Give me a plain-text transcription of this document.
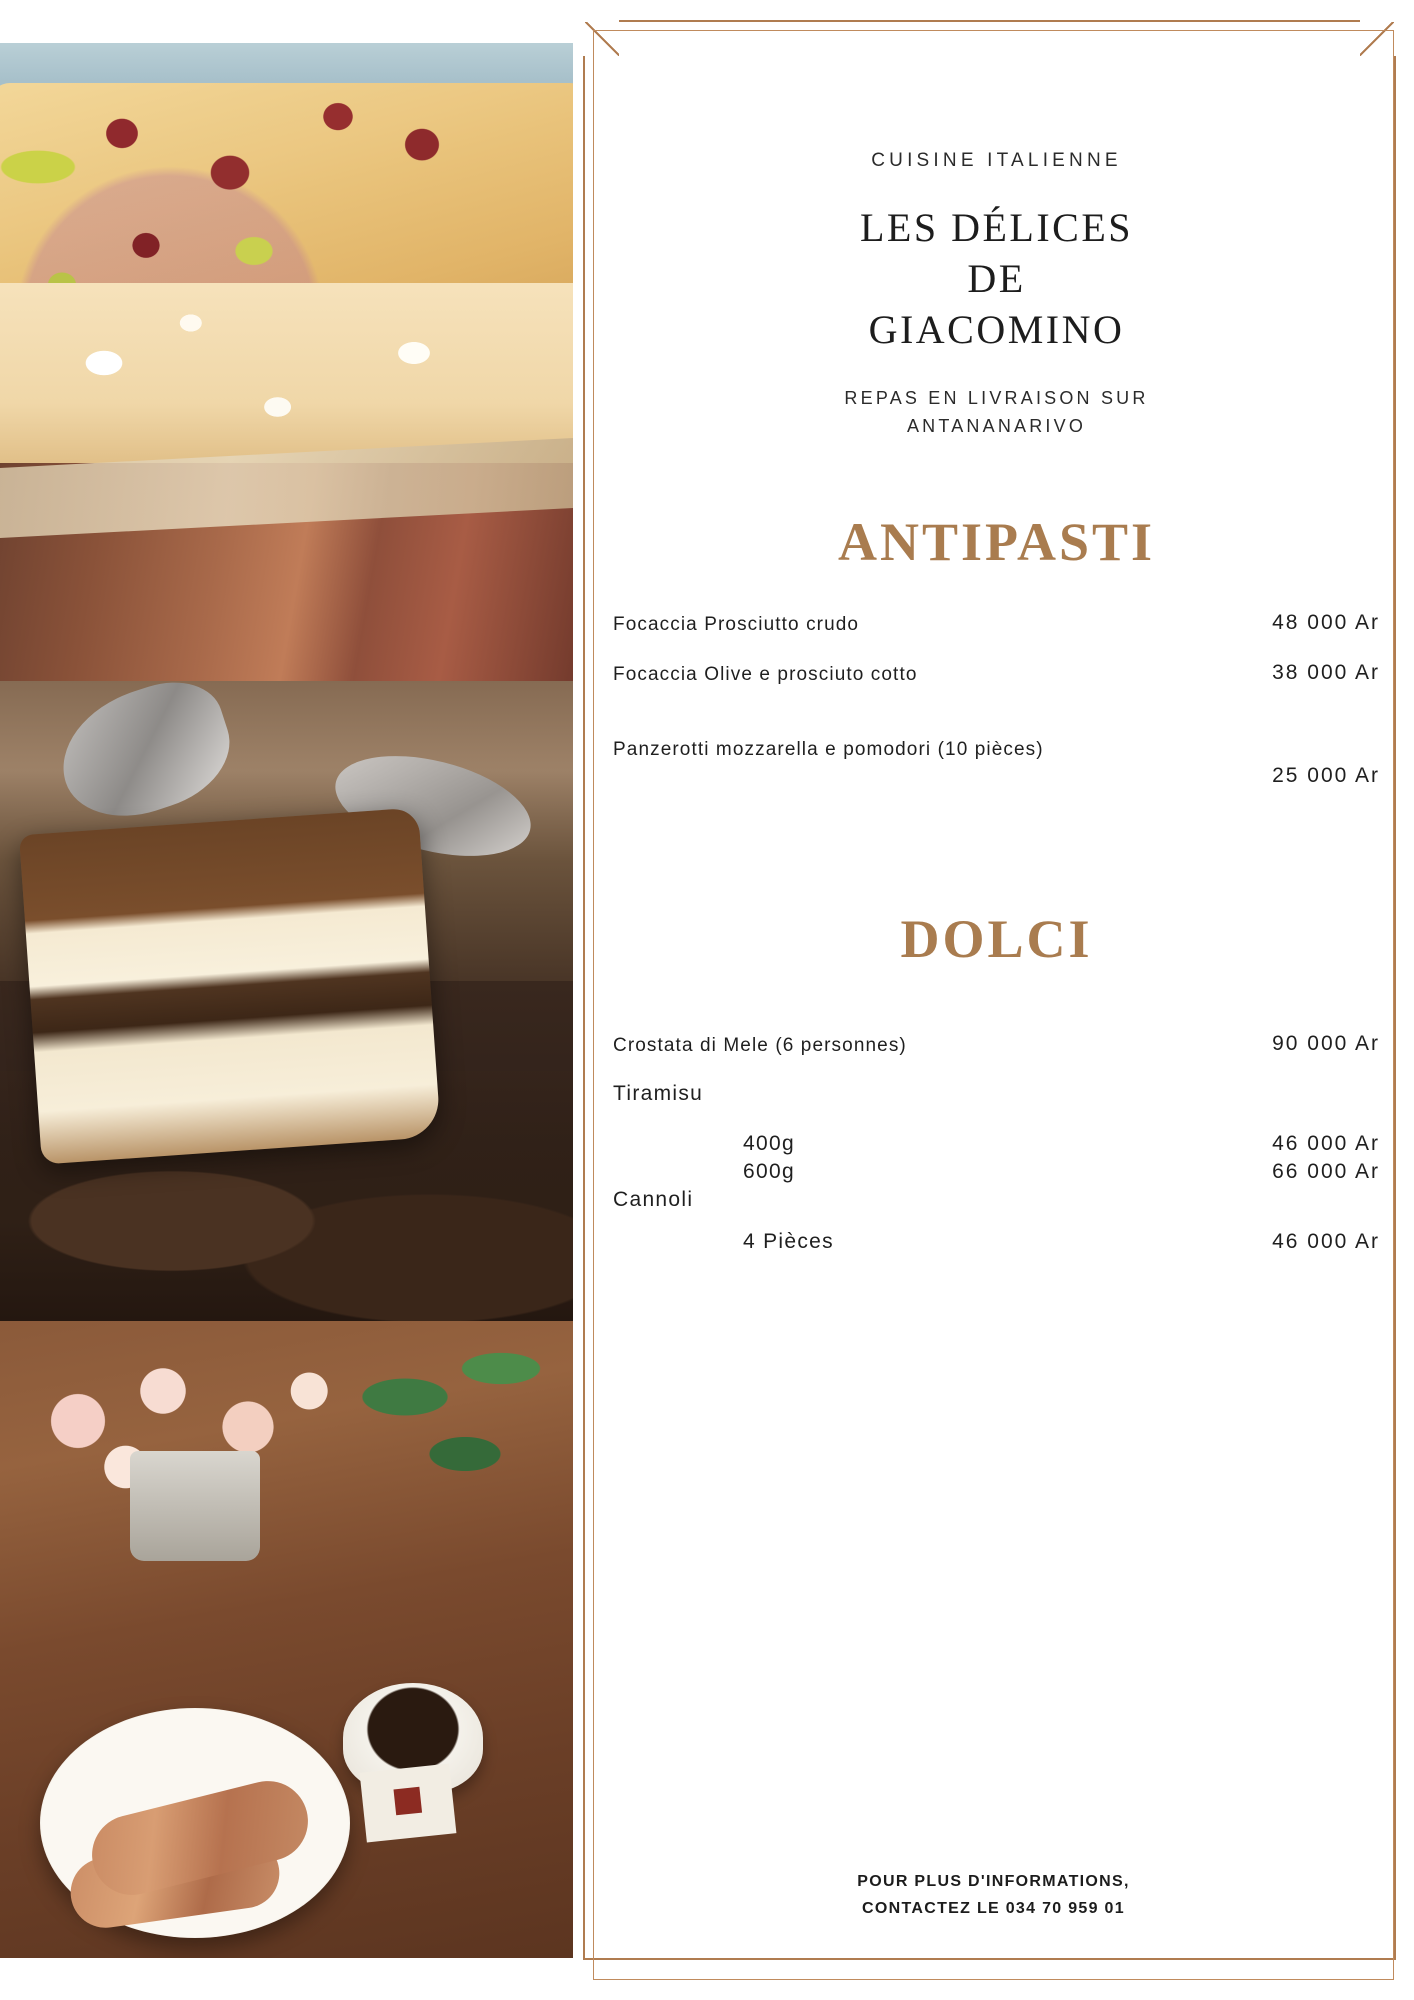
CUISINE ITALIENNE
LES DÉLICES
DE
GIACOMINO
REPAS EN LIVRAISON SUR
ANTANANARIVO
ANTIPASTI
Focaccia Prosciutto crudo	48 000 Ar
Focaccia Olive e prosciuto cotto	38 000 Ar
Panzerotti mozzarella e pomodori (10 pièces)
25 000 Ar
DOLCI
Crostata di Mele (6 personnes)	90 000 Ar
Tiramisu
400g	46 000 Ar
600g	66 000 Ar
Cannoli
4 Pièces	46 000 Ar
POUR PLUS D'INFORMATIONS,
CONTACTEZ LE 034 70 959 01
